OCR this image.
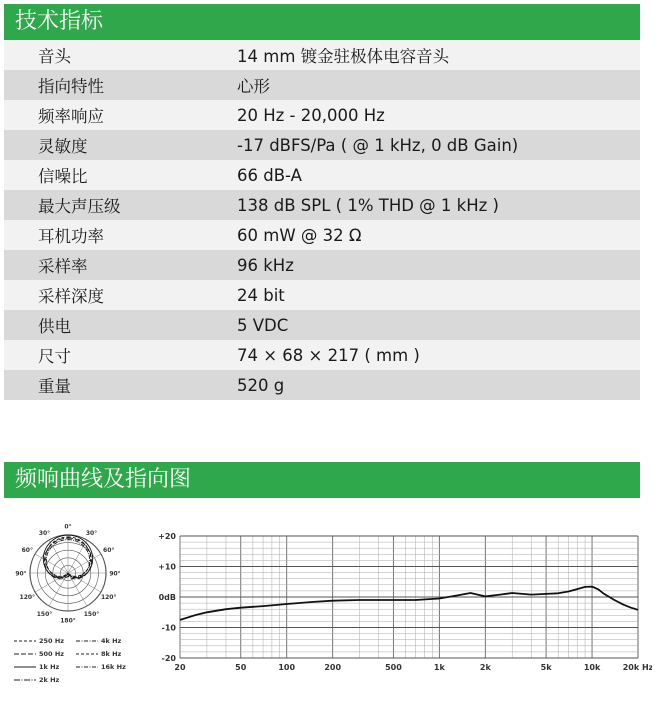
技术指标
音头	14 mm 镀金驻极体电容音头
指向特性	心形
频率响应	20 Hz - 20,000 Hz
灵敏度	-17 dBFS/Pa ( @ 1 kHz, 0 dB Gain)
信噪比	66 dB-A
最大声压级	138 dB SPL ( 1% THD @ 1 kHz )
耳机功率	60 mW @ 32 Ω
采样率	96 kHz
采样深度	24 bit
供电	5 VDC
尺寸	74 × 68 × 217 ( mm )
重量	520 g
频响曲线及指向图
0°
30°
60°
90°
120°
150°
180°
150°
120°
90°
60°
30°
250 Hz	4k Hz
500 Hz	8k Hz
1k Hz	16k Hz
2k Hz
+20
+10
0dB
-10
-20
20	50	100	200	500	1k	2k	5k	10k	20k Hz
